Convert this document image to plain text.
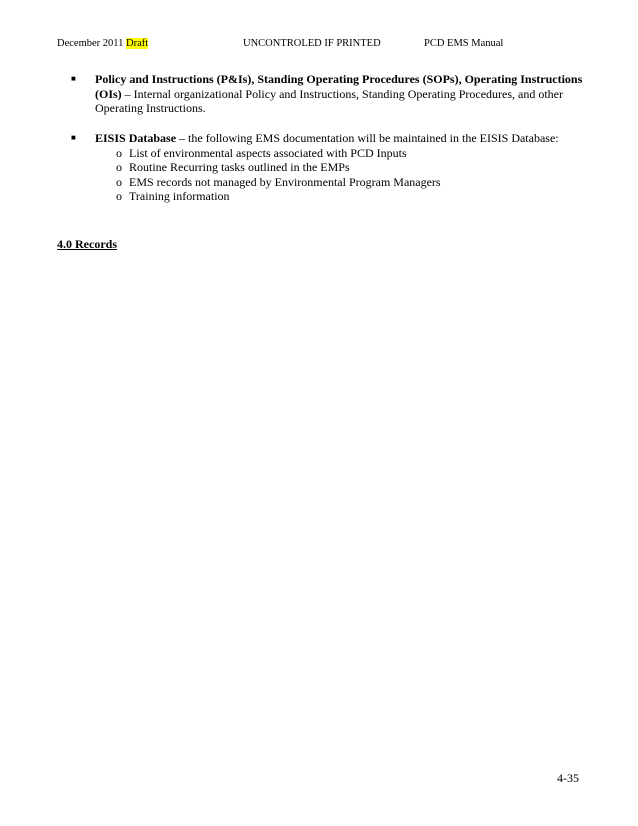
December 2011 Draft	UNCONTROLED IF PRINTED	PCD EMS Manual
■ Policy and Instructions (P&Is), Standing Operating Procedures (SOPs), Operating Instructions (OIs) – Internal organizational Policy and Instructions, Standing Operating Procedures, and other Operating Instructions.
■ EISIS Database – the following EMS documentation will be maintained in the EISIS Database:
o List of environmental aspects associated with PCD Inputs
o Routine Recurring tasks outlined in the EMPs
o EMS records not managed by Environmental Program Managers
o Training information
4.0 Records
4-35
